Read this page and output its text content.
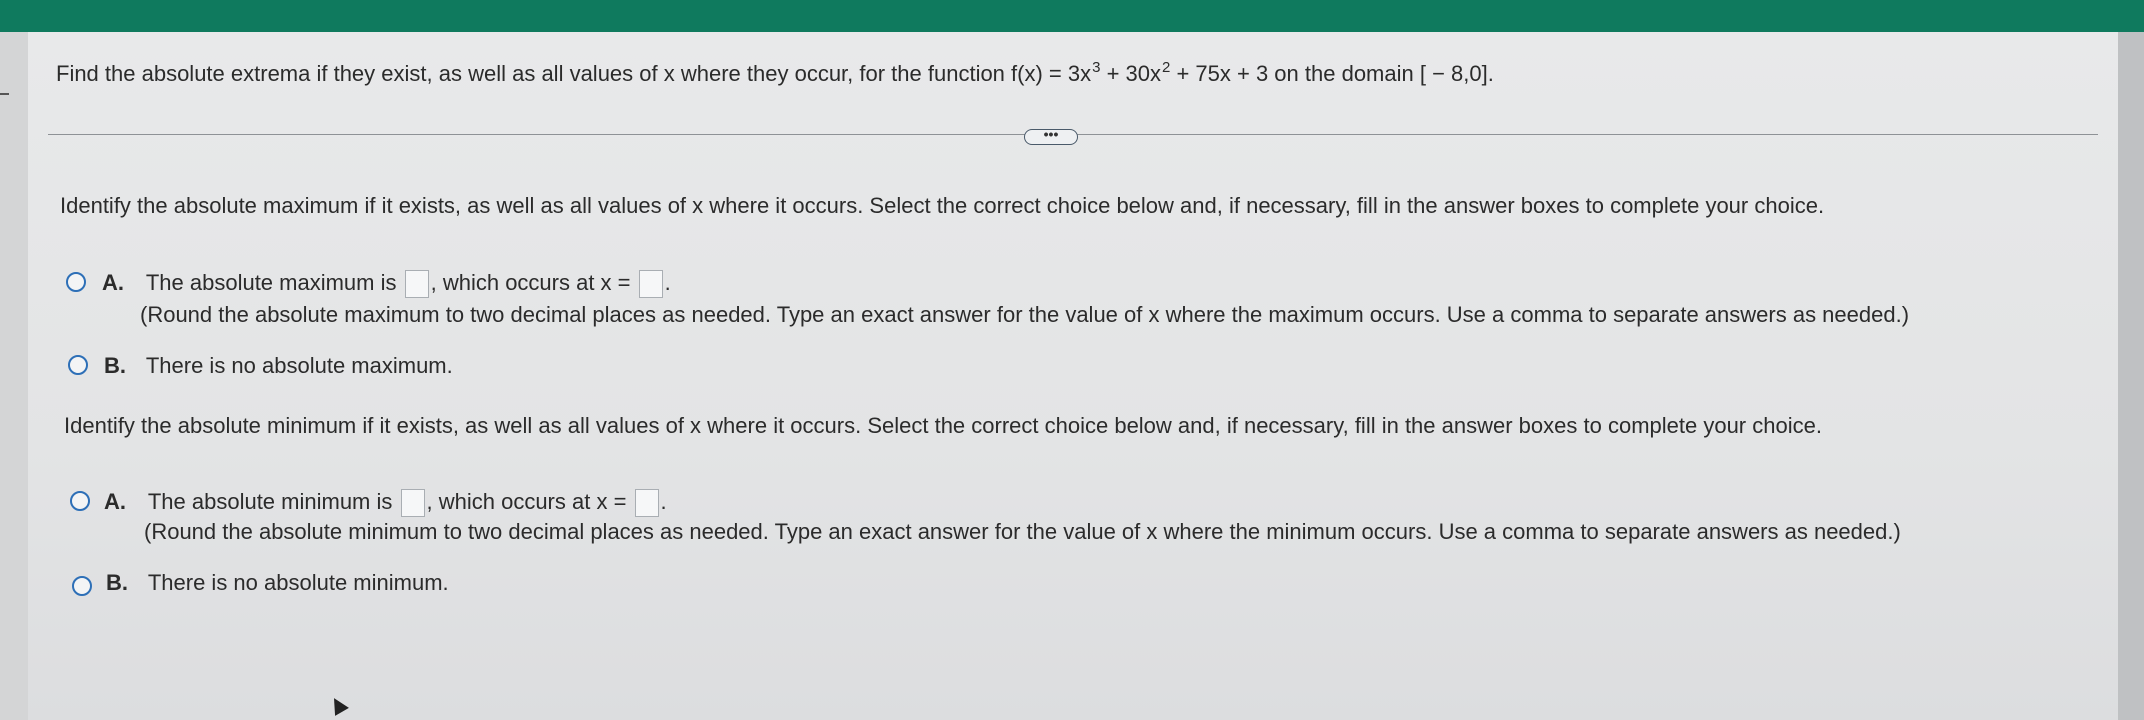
Find the absolute extrema if they exist, as well as all values of x where they occur, for the function $f(x) = 3x^3 + 30x^2 + 75x + 3$ on the domain [ − 8,0].
•••
Identify the absolute maximum if it exists, as well as all values of x where it occurs. Select the correct choice below and, if necessary, fill in the answer boxes to complete your choice.
A. The absolute maximum is , which occurs at x = .
(Round the absolute maximum to two decimal places as needed. Type an exact answer for the value of x where the maximum occurs. Use a comma to separate answers as needed.)
B. There is no absolute maximum.
Identify the absolute minimum if it exists, as well as all values of x where it occurs. Select the correct choice below and, if necessary, fill in the answer boxes to complete your choice.
A. The absolute minimum is , which occurs at x = .
(Round the absolute minimum to two decimal places as needed. Type an exact answer for the value of x where the minimum occurs. Use a comma to separate answers as needed.)
B. There is no absolute minimum.
